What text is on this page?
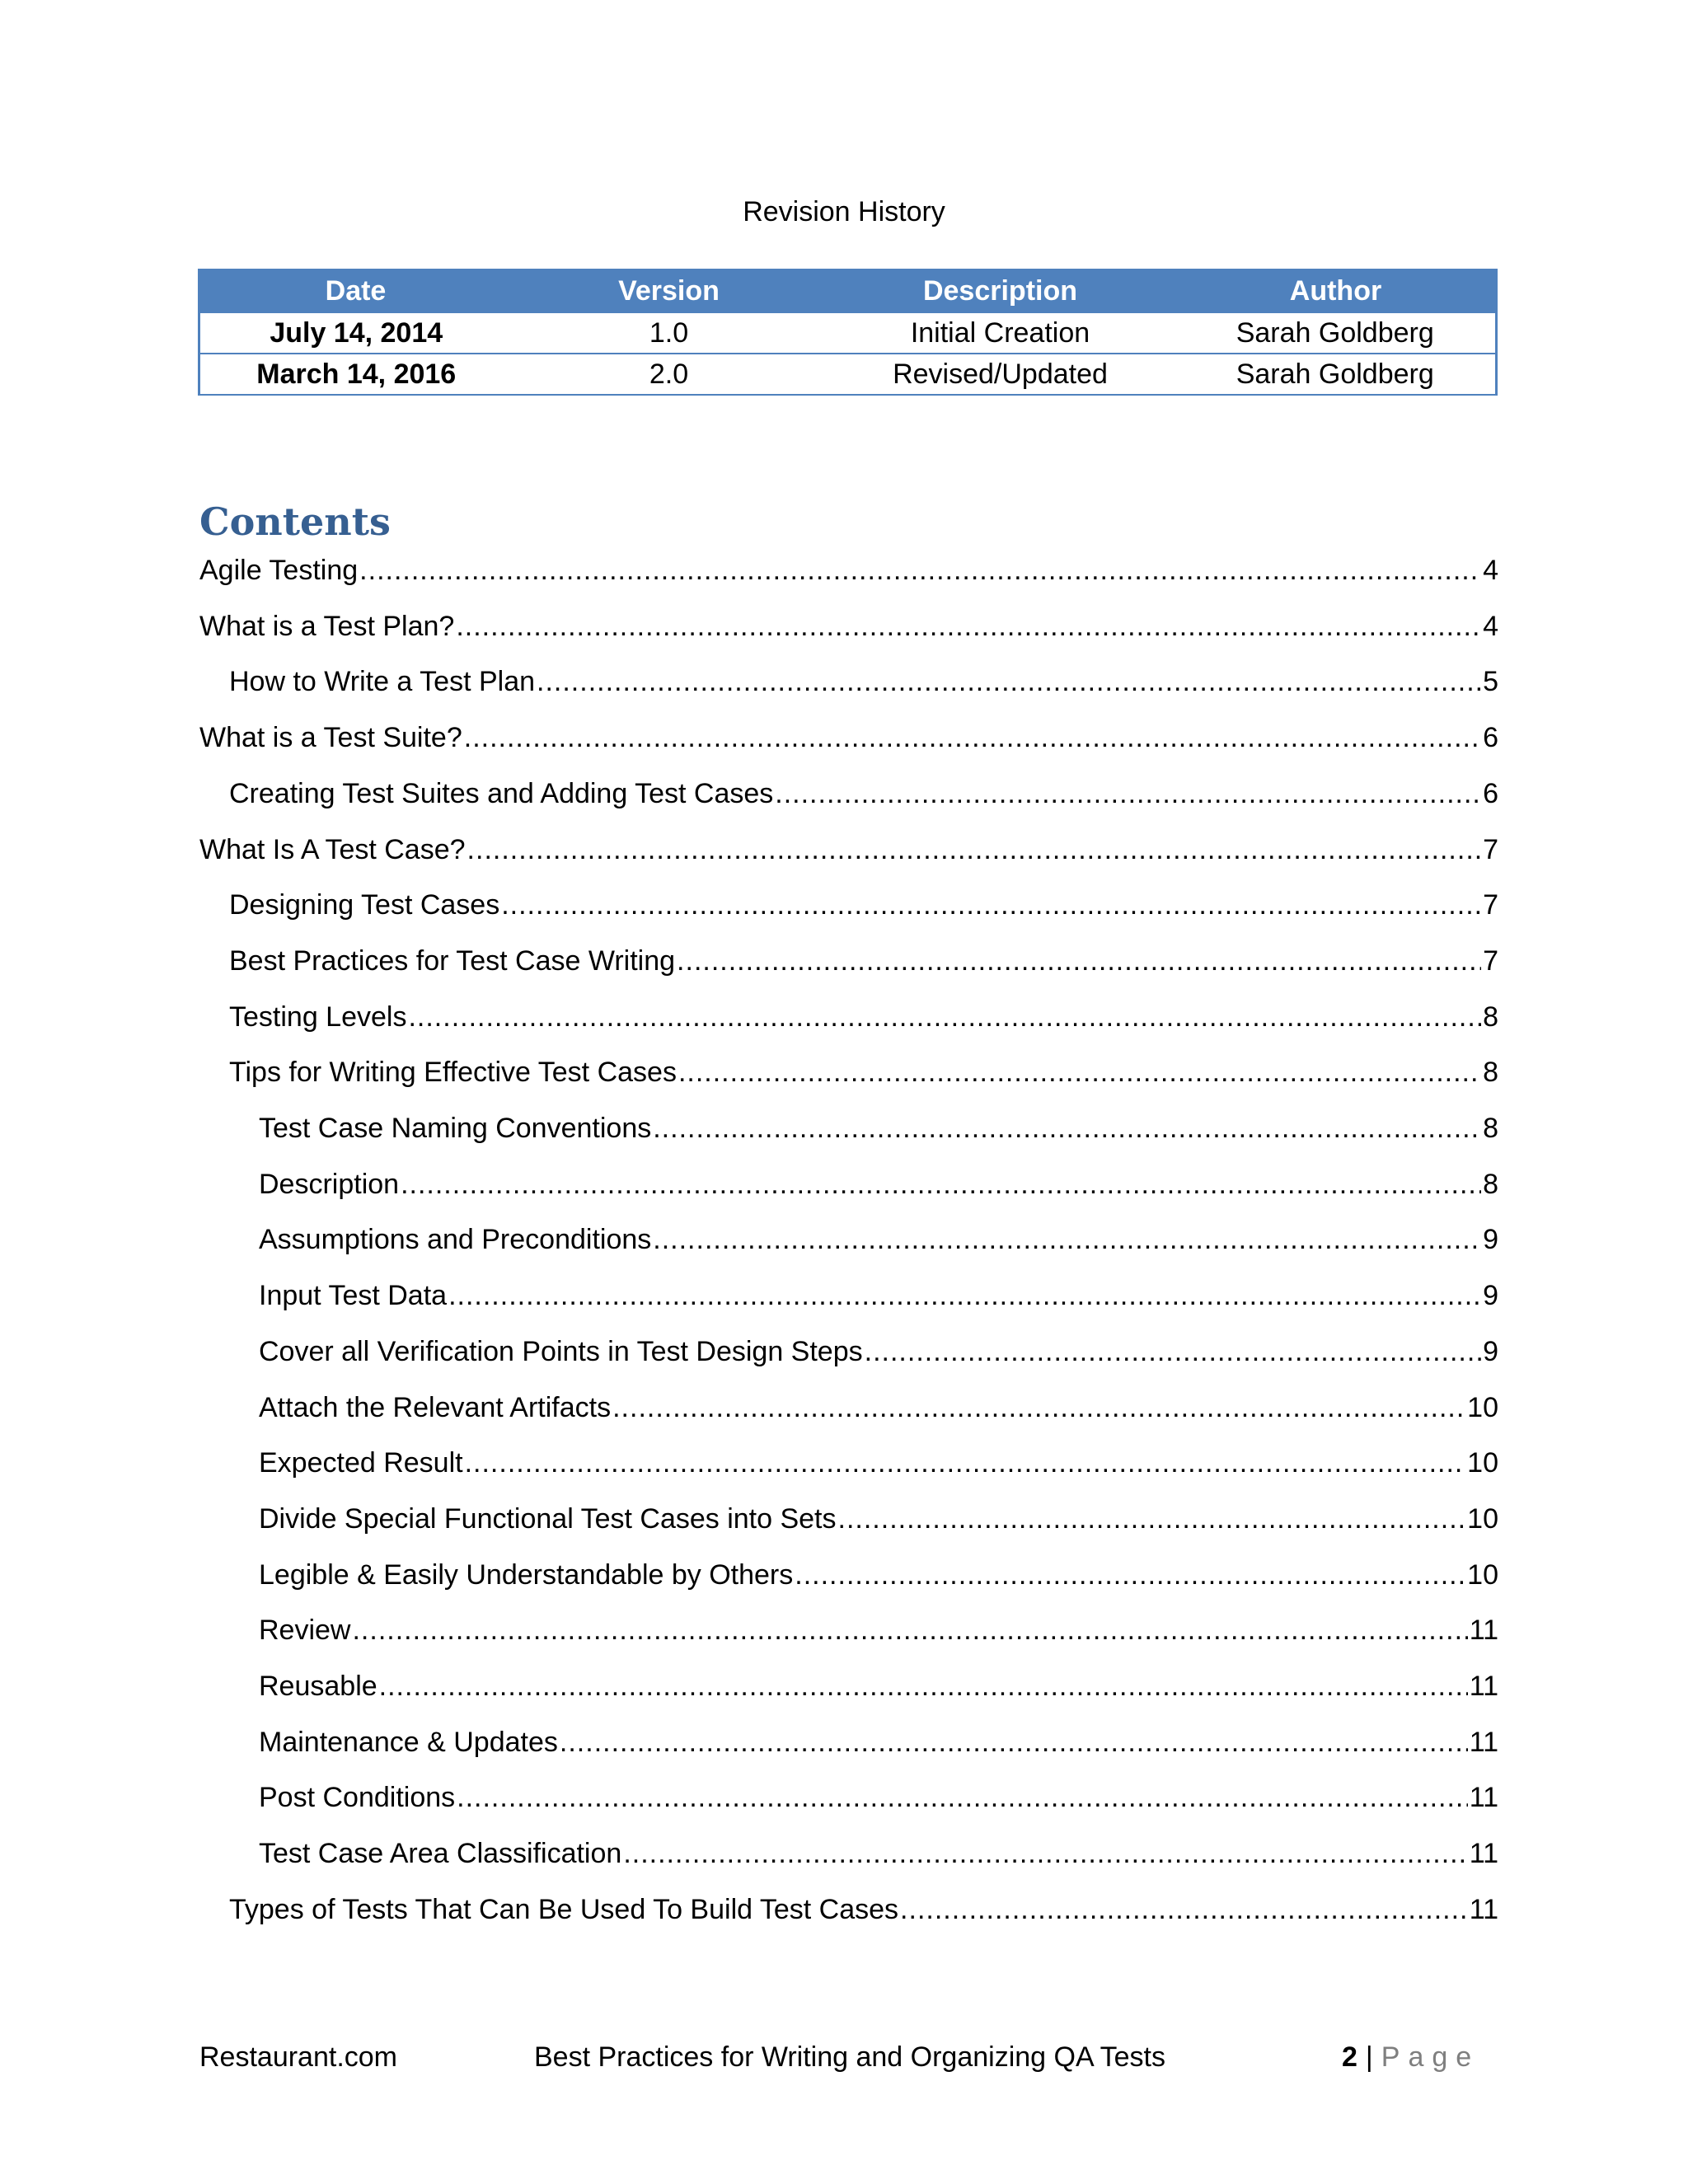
Revision History
Date	Version	Description	Author
July 14, 2014	1.0	Initial Creation	Sarah Goldberg
March 14, 2016	2.0	Revised/Updated	Sarah Goldberg
Contents
Agile Testing .....	4
What is a Test Plan? .....	4
How to Write a Test Plan .....	5
What is a Test Suite? .....	6
Creating Test Suites and Adding Test Cases .....	6
What Is A Test Case? .....	7
Designing Test Cases .....	7
Best Practices for Test Case Writing .....	7
Testing Levels .....	8
Tips for Writing Effective Test Cases .....	8
Test Case Naming Conventions .....	8
Description .....	8
Assumptions and Preconditions .....	9
Input Test Data .....	9
Cover all Verification Points in Test Design Steps .....	9
Attach the Relevant Artifacts .....	10
Expected Result .....	10
Divide Special Functional Test Cases into Sets .....	10
Legible & Easily Understandable by Others .....	10
Review .....	11
Reusable .....	11
Maintenance & Updates .....	11
Post Conditions .....	11
Test Case Area Classification .....	11
Types of Tests That Can Be Used To Build Test Cases .....	11
Restaurant.com	Best Practices for Writing and Organizing QA Tests	2 | Page
